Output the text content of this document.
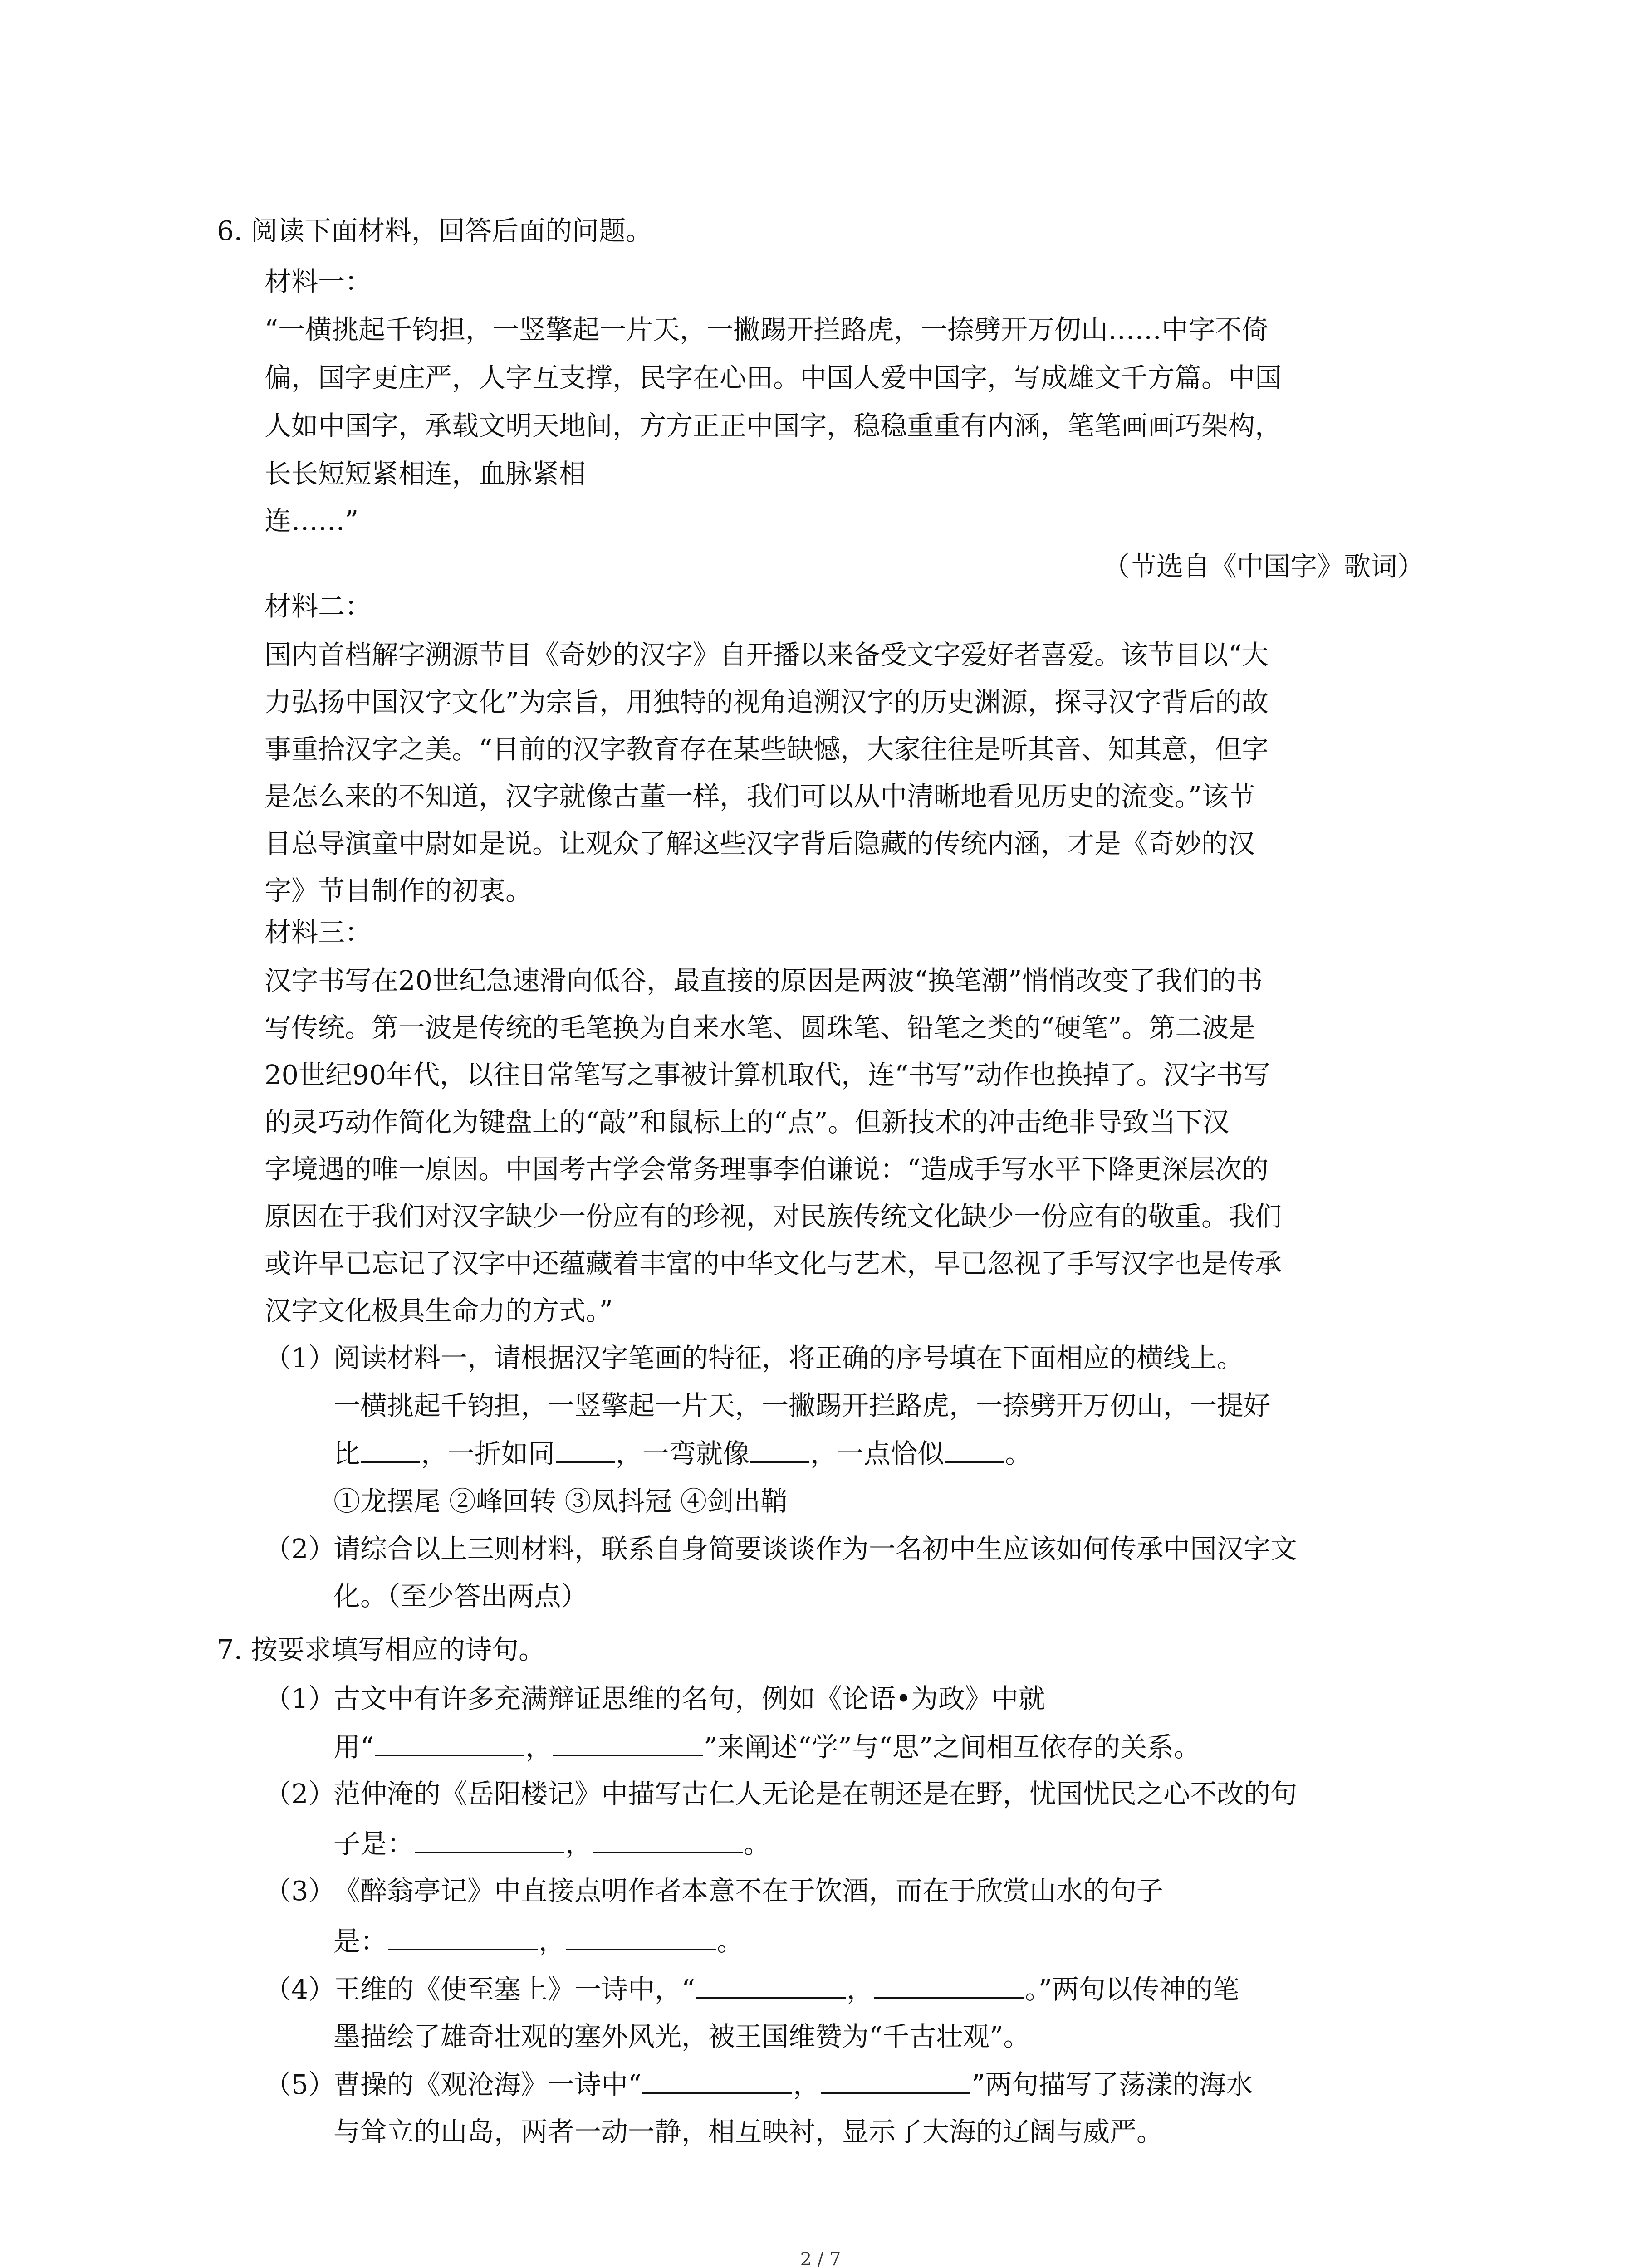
6. 阅读下面材料，回答后面的问题。
材料一：
“一横挑起千钧担，一竖擎起一片天，一撇踢开拦路虎，一捺劈开万仞山……中字不倚
偏，国字更庄严，人字互支撑，民字在心田。中国人爱中国字，写成雄文千方篇。中国
人如中国字，承载文明天地间，方方正正中国字，稳稳重重有内涵，笔笔画画巧架构，
长长短短紧相连，血脉紧相
连……”
（节选自《中国字》歌词）
材料二：
国内首档解字溯源节目《奇妙的汉字》自开播以来备受文字爱好者喜爱。该节目以“大
力弘扬中国汉字文化”为宗旨，用独特的视角追溯汉字的历史渊源，探寻汉字背后的故
事重拾汉字之美。“目前的汉字教育存在某些缺憾，大家往往是听其音、知其意，但字
是怎么来的不知道，汉字就像古董一样，我们可以从中清晰地看见历史的流变。”该节
目总导演童中尉如是说。让观众了解这些汉字背后隐藏的传统内涵，才是《奇妙的汉
字》节目制作的初衷。
材料三：
汉字书写在20世纪急速滑向低谷，最直接的原因是两波“换笔潮”悄悄改变了我们的书
写传统。第一波是传统的毛笔换为自来水笔、圆珠笔、铅笔之类的“硬笔”。第二波是
20世纪90年代，以往日常笔写之事被计算机取代，连“书写”动作也换掉了。汉字书写
的灵巧动作简化为键盘上的“敲”和鼠标上的“点”。但新技术的冲击绝非导致当下汉
字境遇的唯一原因。中国考古学会常务理事李伯谦说：“造成手写水平下降更深层次的
原因在于我们对汉字缺少一份应有的珍视，对民族传统文化缺少一份应有的敬重。我们
或许早已忘记了汉字中还蕴藏着丰富的中华文化与艺术，早已忽视了手写汉字也是传承
汉字文化极具生命力的方式。”
（1）
阅读材料一，请根据汉字笔画的特征，将正确的序号填在下面相应的横线上。
一横挑起千钧担，一竖擎起一片天，一撇踢开拦路虎，一捺劈开万仞山，一提好
比 ，一折如同 ，一弯就像 ，一点恰似 。
①龙摆尾 ②峰回转 ③凤抖冠 ④剑出鞘
（2）
请综合以上三则材料，联系自身简要谈谈作为一名初中生应该如何传承中国汉字文
化。（至少答出两点）
7. 按要求填写相应的诗句。
（1）
古文中有许多充满辩证思维的名句，例如《论语•为政》中就
用“	，	”来阐述“学”与“思”之间相互依存的关系。
（2）
范仲淹的《岳阳楼记》中描写古仁人无论是在朝还是在野，忧国忧民之心不改的句
子是：	，	。
（3）
《醉翁亭记》中直接点明作者本意不在于饮酒，而在于欣赏山水的句子
是：	，	。
（4）
王维的《使至塞上》一诗中，“	，	。”两句以传神的笔
墨描绘了雄奇壮观的塞外风光，被王国维赞为“千古壮观”。
（5）
曹操的《观沧海》一诗中“	，	”两句描写了荡漾的海水
与耸立的山岛，两者一动一静，相互映衬，显示了大海的辽阔与威严。
2 / 7
